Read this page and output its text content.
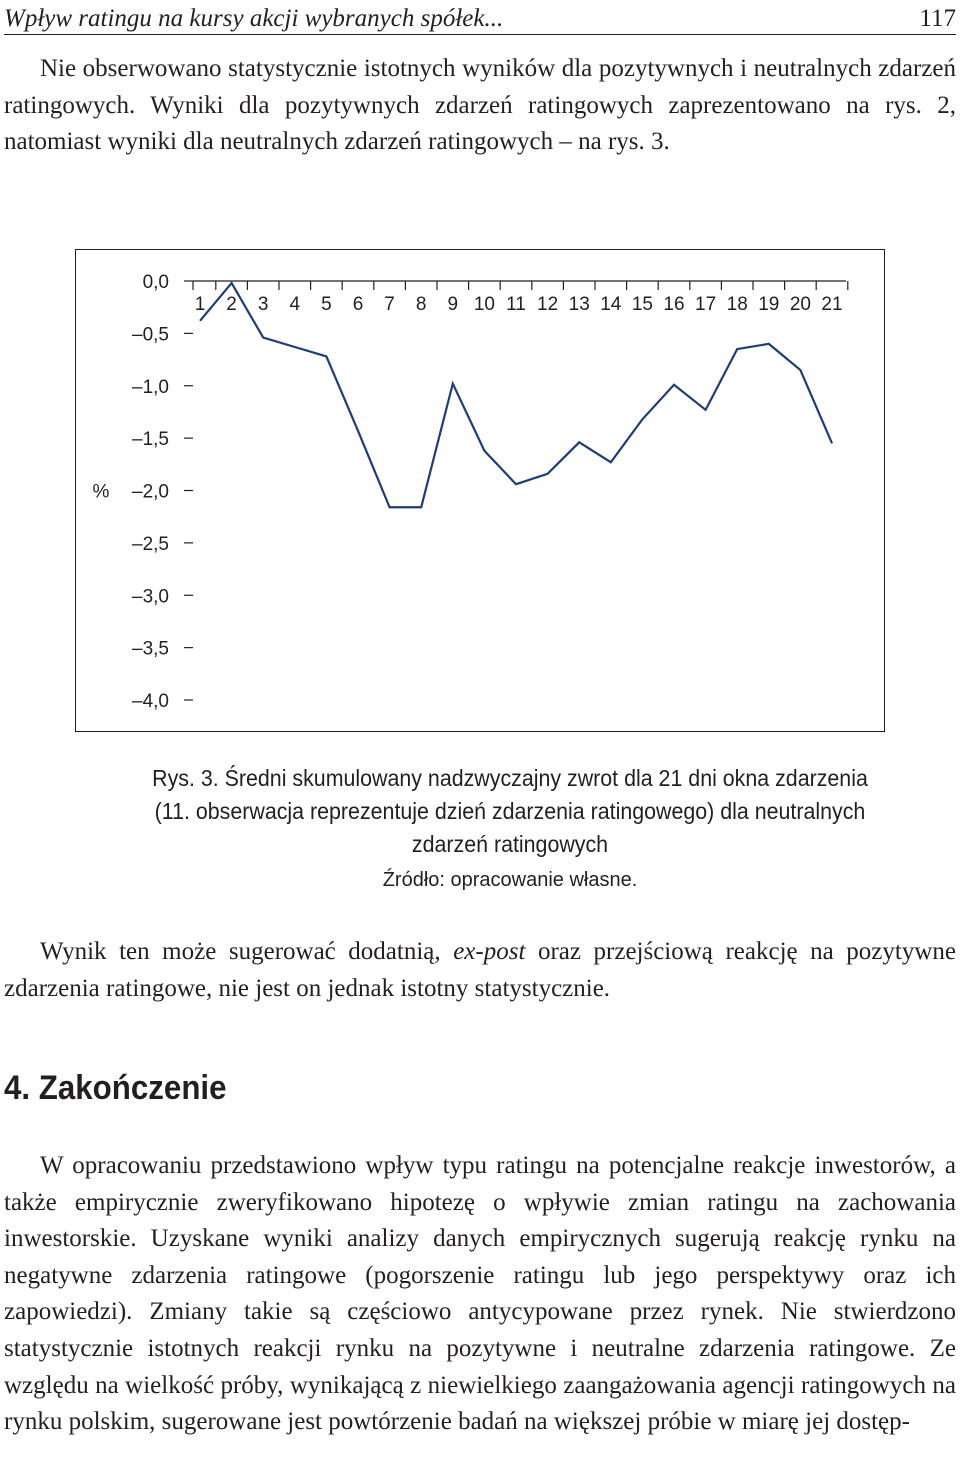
Wpływ ratingu na kursy akcji wybranych spółek...	117

Nie obserwowano statystycznie istotnych wyników dla pozytywnych i neutralnych zdarzeń ratingowych. Wyniki dla pozytywnych zdarzeń ratingowych zaprezentowano na rys. 2, natomiast wyniki dla neutralnych zdarzeń ratingowych – na rys. 3.

0,0
–0,5
–1,0
–1,5
–2,0
–2,5
–3,0
–3,5
–4,0
%
1 2 3 4 5 6 7 8 9 10 11 12 13 14 15 16 17 18 19 20 21
Rys. 3. Średni skumulowany nadzwyczajny zwrot dla 21 dni okna zdarzenia
(11. obserwacja reprezentuje dzień zdarzenia ratingowego) dla neutralnych
zdarzeń ratingowych
Źródło: opracowanie własne.

Wynik ten może sugerować dodatnią, ex-post oraz przejściową reakcję na pozytywne zdarzenia ratingowe, nie jest on jednak istotny statystycznie.

4. Zakończenie

W opracowaniu przedstawiono wpływ typu ratingu na potencjalne reakcje inwestorów, a także empirycznie zweryfikowano hipotezę o wpływie zmian ratingu na zachowania inwestorskie. Uzyskane wyniki analizy danych empirycznych sugerują reakcję rynku na negatywne zdarzenia ratingowe (pogorszenie ratingu lub jego perspektywy oraz ich zapowiedzi). Zmiany takie są częściowo antycypowane przez rynek. Nie stwierdzono statystycznie istotnych reakcji rynku na pozytywne i neutralne zdarzenia ratingowe. Ze względu na wielkość próby, wynikającą z niewielkiego zaangażowania agencji ratingowych na rynku polskim, sugerowane jest powtórzenie badań na większej próbie w miarę jej dostęp-
